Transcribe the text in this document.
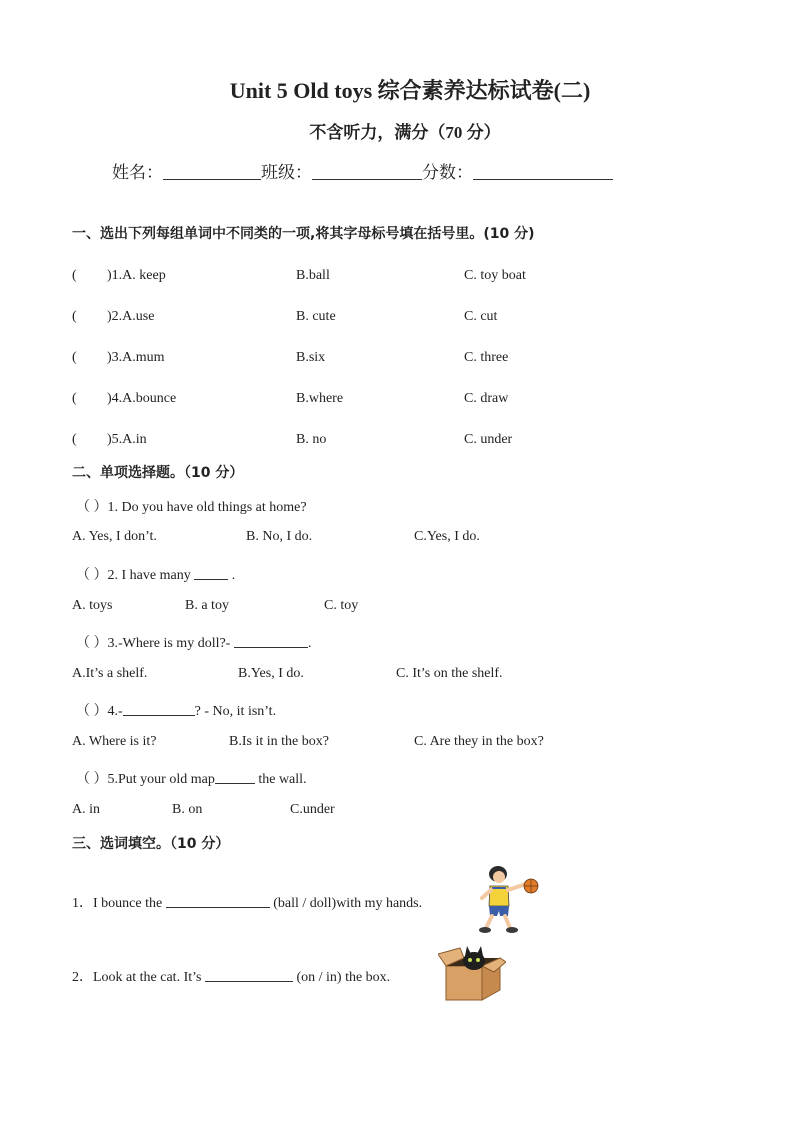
Unit 5 Old toys 综合素养达标试卷(二)
不含听力，满分（70 分）
姓名：	班级：	分数：
一、选出下列每组单词中不同类的一项,将其字母标号填在括号里。(10 分)
( )1.A. keep	B.ball	C. toy boat
( )2.A.use	B. cute	C. cut
( )3.A.mum	B.six	C. three
( )4.A.bounce	B.where	C. draw
( )5.A.in	B. no	C. under
二、单项选择题。（10 分）
（ ）1. Do you have old things at home?
A. Yes, I don’t.	B. No, I do.	C.Yes, I do.
（ ）2. I have many  .
A. toys	B. a toy	C. toy
（ ）3.-Where is my doll?-	.
A.It’s a shelf.	B.Yes, I do.	C. It’s on the shelf.
（ ）4.-	? - No, it isn’t.
A. Where is it?	B.Is it in the box?	C. Are they in the box?
（ ）5.Put your old map	the wall.
A. in	B. on	C.under
三、选词填空。（10 分）
1．I bounce the	(ball / doll)with my hands.
2．Look at the cat. It’s	(on / in) the box.
